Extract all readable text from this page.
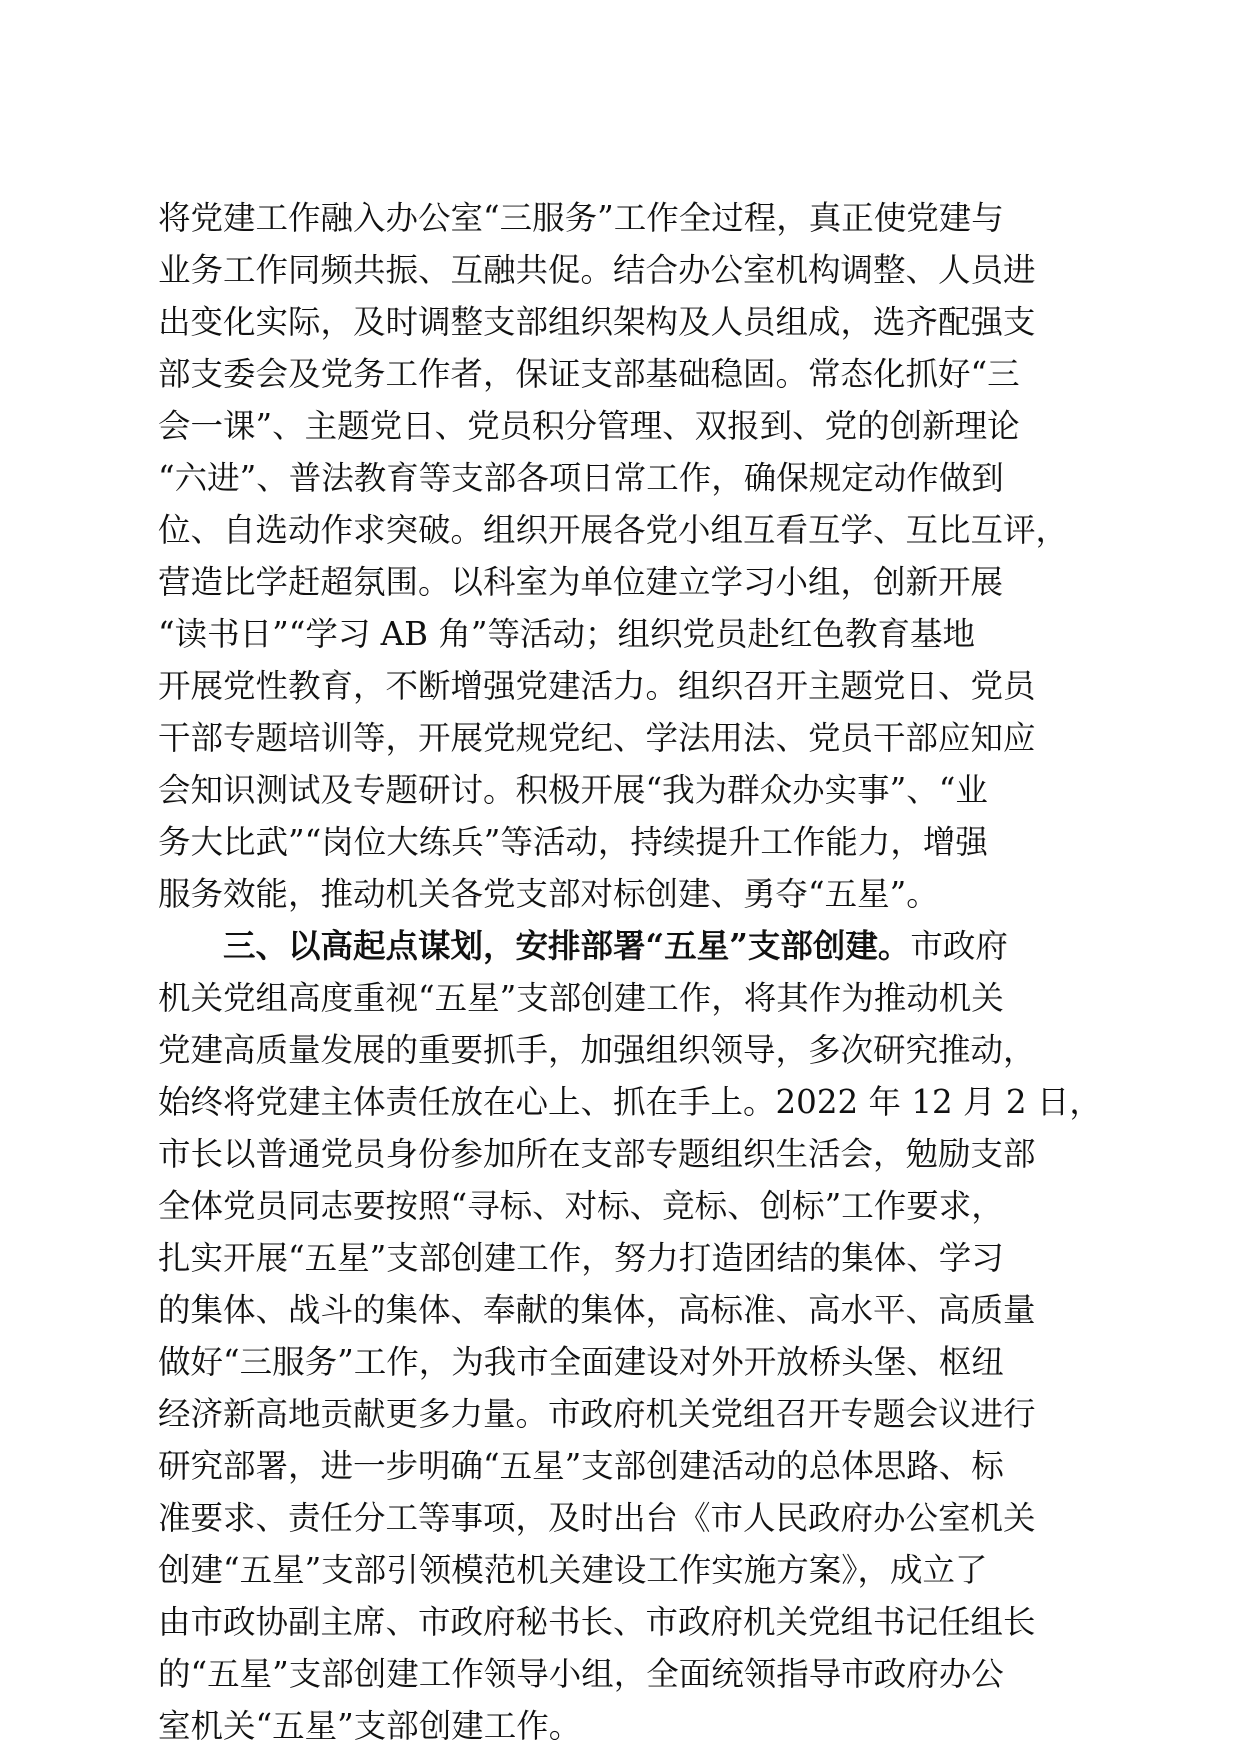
将党建工作融入办公室“三服务”工作全过程，真正使党建与
业务工作同频共振、互融共促。结合办公室机构调整、人员进
出变化实际，及时调整支部组织架构及人员组成，选齐配强支
部支委会及党务工作者，保证支部基础稳固。常态化抓好“三
会一课”、主题党日、党员积分管理、双报到、党的创新理论
“六进”、普法教育等支部各项日常工作，确保规定动作做到
位、自选动作求突破。组织开展各党小组互看互学、互比互评，
营造比学赶超氛围。以科室为单位建立学习小组，创新开展
“读书日”“学习 AB 角”等活动；组织党员赴红色教育基地
开展党性教育，不断增强党建活力。组织召开主题党日、党员
干部专题培训等，开展党规党纪、学法用法、党员干部应知应
会知识测试及专题研讨。积极开展“我为群众办实事”、“业
务大比武”“岗位大练兵”等活动，持续提升工作能力，增强
服务效能，推动机关各党支部对标创建、勇夺“五星”。
三、以高起点谋划，安排部署“五星”支部创建。市政府
机关党组高度重视“五星”支部创建工作，将其作为推动机关
党建高质量发展的重要抓手，加强组织领导，多次研究推动，
始终将党建主体责任放在心上、抓在手上。2022 年 12 月 2 日，
市长以普通党员身份参加所在支部专题组织生活会，勉励支部
全体党员同志要按照“寻标、对标、竞标、创标”工作要求，
扎实开展“五星”支部创建工作，努力打造团结的集体、学习
的集体、战斗的集体、奉献的集体，高标准、高水平、高质量
做好“三服务”工作，为我市全面建设对外开放桥头堡、枢纽
经济新高地贡献更多力量。市政府机关党组召开专题会议进行
研究部署，进一步明确“五星”支部创建活动的总体思路、标
准要求、责任分工等事项，及时出台《市人民政府办公室机关
创建“五星”支部引领模范机关建设工作实施方案》，成立了
由市政协副主席、市政府秘书长、市政府机关党组书记任组长
的“五星”支部创建工作领导小组，全面统领指导市政府办公
室机关“五星”支部创建工作。
